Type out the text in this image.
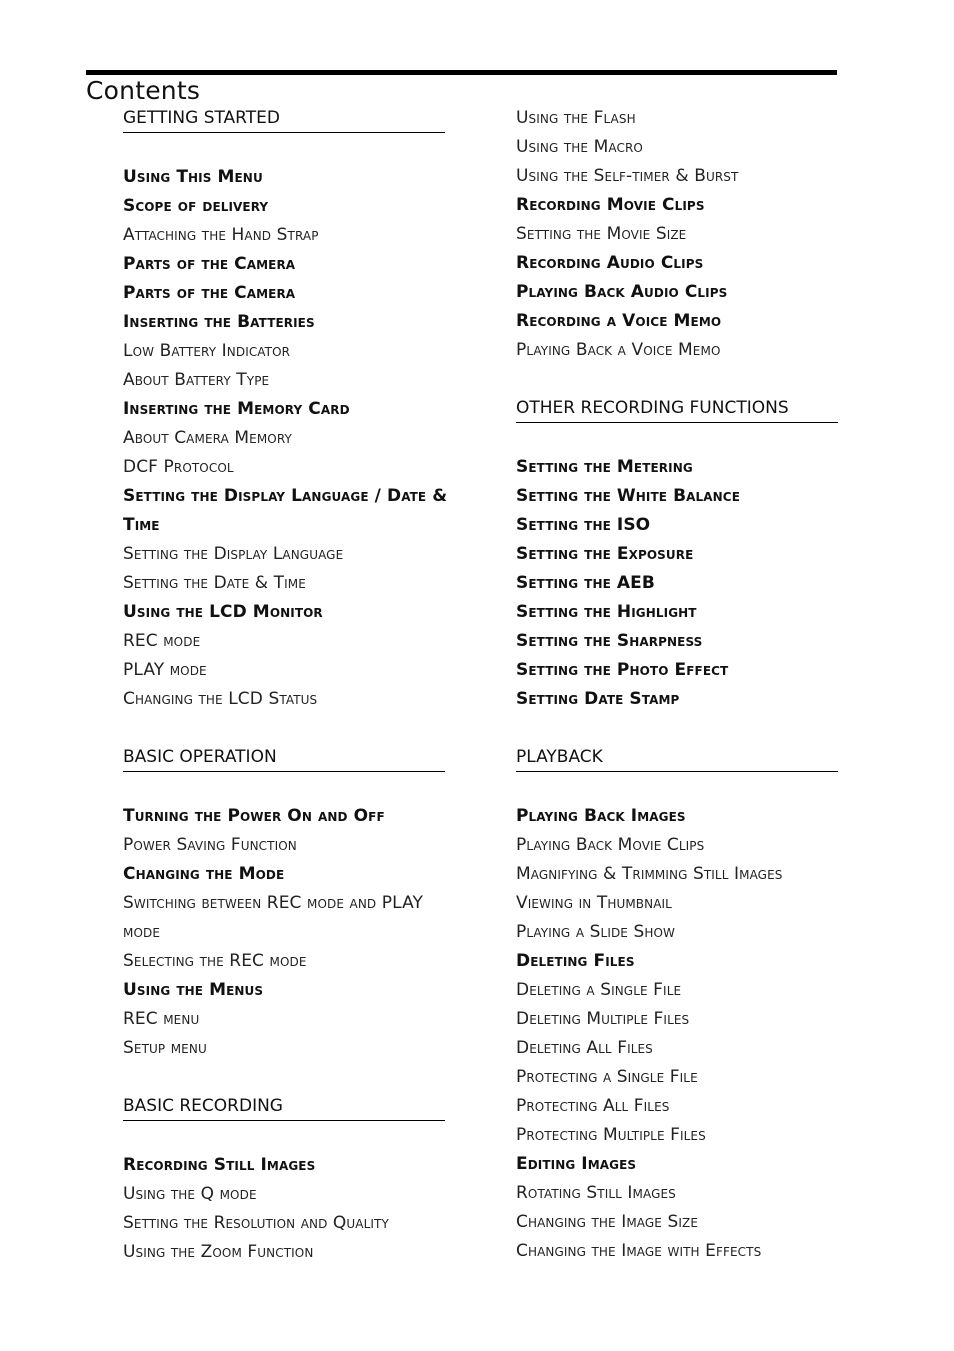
Contents
GETTING STARTED
Using This Menu
Scope of delivery
Attaching the Hand Strap
Parts of the Camera
Parts of the Camera
Inserting the Batteries
Low Battery Indicator
About Battery Type
Inserting the Memory Card
About Camera Memory
DCF Protocol
Setting the Display Language / Date &
Time
Setting the Display Language
Setting the Date & Time
Using the LCD Monitor
REC mode
PLAY mode
Changing the LCD Status
BASIC OPERATION
Turning the Power On and Off
Power Saving Function
Changing the Mode
Switching between REC mode and PLAY
mode
Selecting the REC mode
Using the Menus
REC menu
Setup menu
BASIC RECORDING
Recording Still Images
Using the Q mode
Setting the Resolution and Quality
Using the Zoom Function
Using the Flash
Using the Macro
Using the Self-timer & Burst
Recording Movie Clips
Setting the Movie Size
Recording Audio Clips
Playing Back Audio Clips
Recording a Voice Memo
Playing Back a Voice Memo
OTHER RECORDING FUNCTIONS
Setting the Metering
Setting the White Balance
Setting the ISO
Setting the Exposure
Setting the AEB
Setting the Highlight
Setting the Sharpness
Setting the Photo Effect
Setting Date Stamp
PLAYBACK
Playing Back Images
Playing Back Movie Clips
Magnifying & Trimming Still Images
Viewing in Thumbnail
Playing a Slide Show
Deleting Files
Deleting a Single File
Deleting Multiple Files
Deleting All Files
Protecting a Single File
Protecting All Files
Protecting Multiple Files
Editing Images
Rotating Still Images
Changing the Image Size
Changing the Image with Effects
